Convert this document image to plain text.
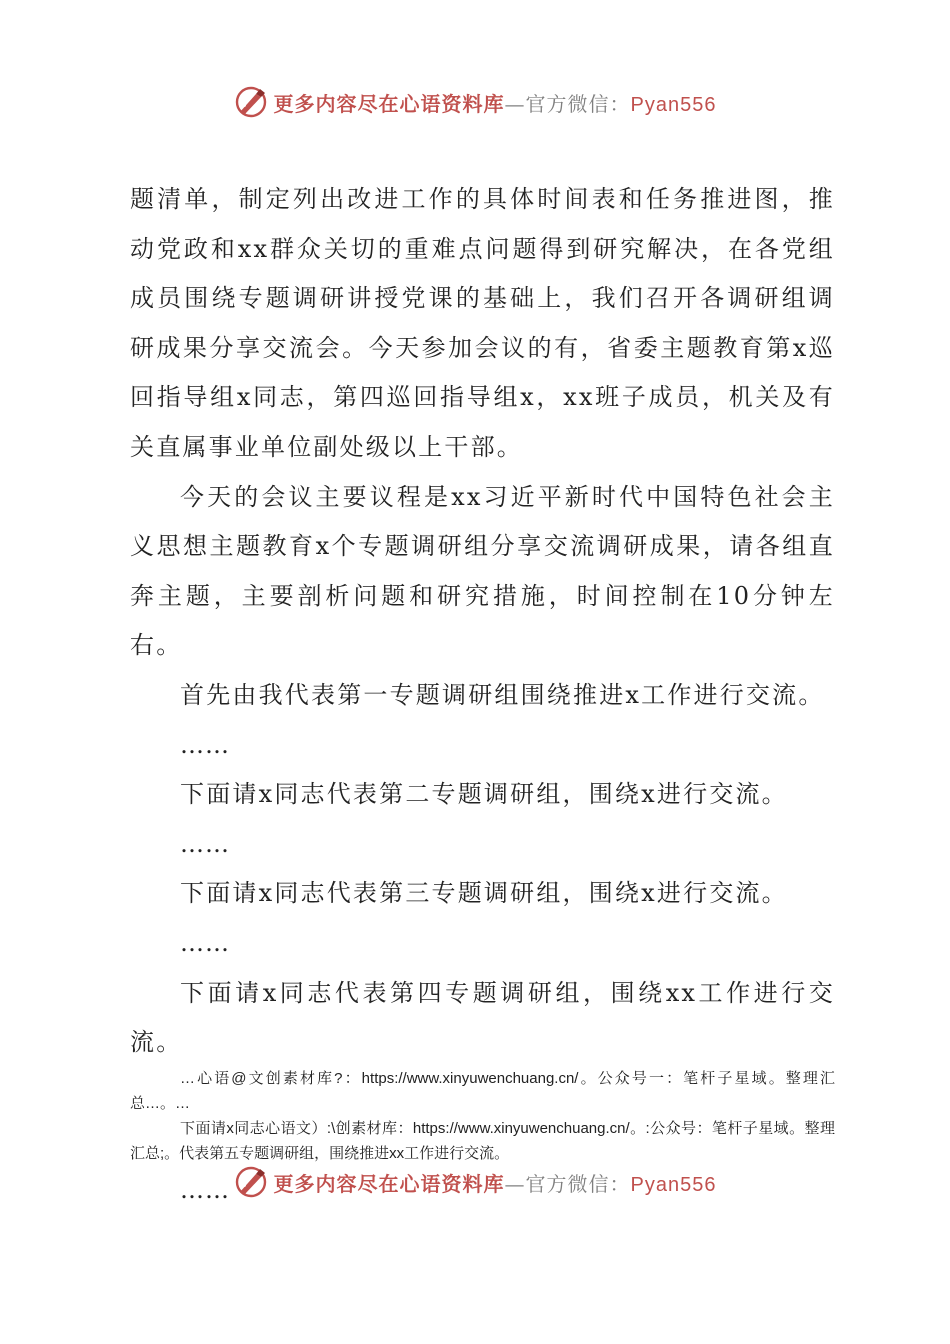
更多内容尽在心语资料库—官方微信：Pyan556

题清单，制定列出改进工作的具体时间表和任务推进图，推动党政和xx群众关切的重难点问题得到研究解决，在各党组成员围绕专题调研讲授党课的基础上，我们召开各调研组调研成果分享交流会。今天参加会议的有，省委主题教育第x巡回指导组x同志，第四巡回指导组x，xx班子成员，机关及有关直属事业单位副处级以上干部。

今天的会议主要议程是xx习近平新时代中国特色社会主义思想主题教育x个专题调研组分享交流调研成果，请各组直奔主题，主要剖析问题和研究措施，时间控制在10分钟左右。

首先由我代表第一专题调研组围绕推进x工作进行交流。

……

下面请x同志代表第二专题调研组，围绕x进行交流。

……

下面请x同志代表第三专题调研组，围绕x进行交流。

……

下面请x同志代表第四专题调研组，围绕xx工作进行交流。

…心语@文创素材库?：https://www.xinyuwenchuang.cn/。公众号一：笔杆子星域。整理汇总…。…

下面请x同志心语文）:\创素材库：https://www.xinyuwenchuang.cn/。:公众号：笔杆子星域。整理汇总;。代表第五专题调研组，围绕推进xx工作进行交流。

……	更多内容尽在心语资料库—官方微信：Pyan556
